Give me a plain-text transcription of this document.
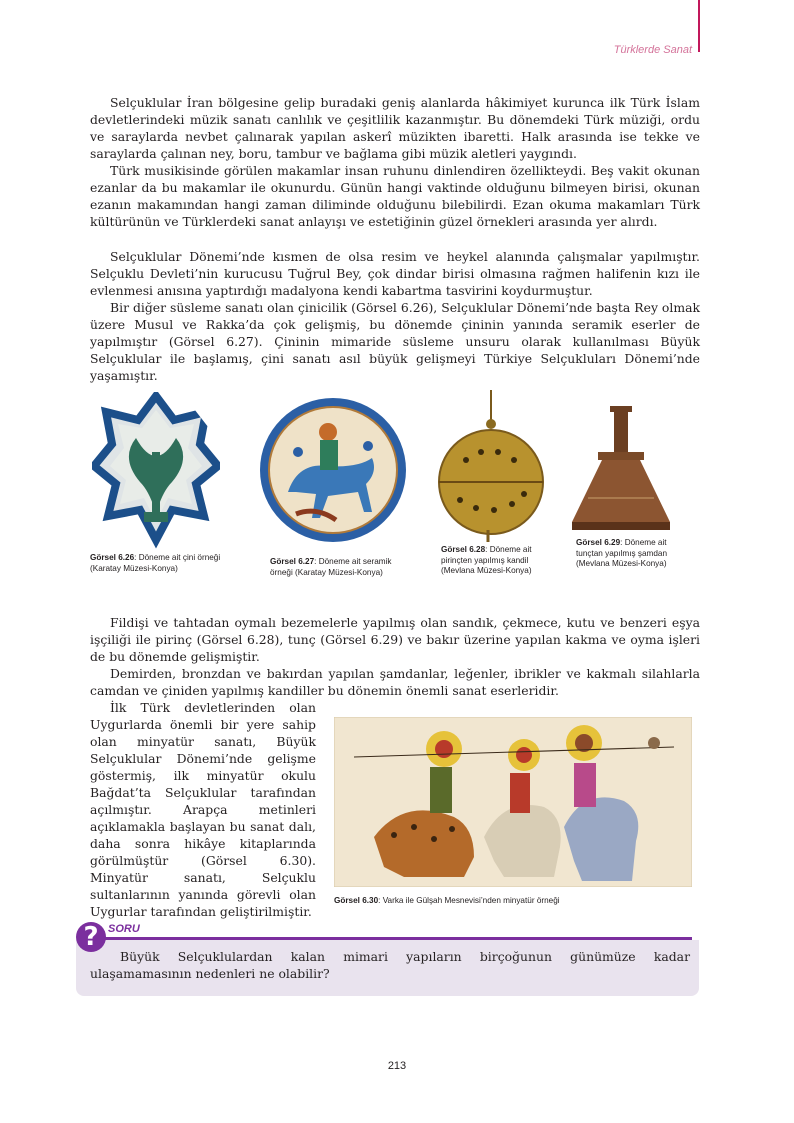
Türklerde Sanat

Selçuklular İran bölgesine gelip buradaki geniş alanlarda hâkimiyet kurunca ilk Türk İslam devletlerindeki müzik sanatı canlılık ve çeşitlilik kazanmıştır. Bu dönemdeki Türk müziği, ordu ve saraylarda nevbet çalınarak yapılan askerî müzikten ibaretti. Halk arasında ise tekke ve saraylarda çalınan ney, boru, tambur ve bağlama gibi müzik aletleri yaygındı.

Türk musikisinde görülen makamlar insan ruhunu dinlendiren özellikteydi. Beş vakit okunan ezanlar da bu makamlar ile okunurdu. Günün hangi vaktinde olduğunu bilmeyen birisi, okunan ezanın makamından hangi zaman diliminde olduğunu bilebilirdi. Ezan okuma makamları Türk kültürünün ve Türklerdeki sanat anlayışı ve estetiğinin güzel örnekleri arasında yer alırdı.

Selçuklular Dönemi’nde kısmen de olsa resim ve heykel alanında çalışmalar yapılmıştır. Selçuklu Devleti’nin kurucusu Tuğrul Bey, çok dindar birisi olmasına rağmen halifenin kızı ile evlenmesi anısına yaptırdığı madalyona kendi kabartma tasvirini koydurmuştur.

Bir diğer süsleme sanatı olan çinicilik (Görsel 6.26), Selçuklular Dönemi’nde başta Rey olmak üzere Musul ve Rakka’da çok gelişmiş, bu dönemde çininin yanında seramik eserler de yapılmıştır (Görsel 6.27). Çininin mimaride süsleme unsuru olarak kullanılması Büyük Selçuklular ile başlamış, çini sanatı asıl büyük gelişmeyi Türkiye Selçukluları Dönemi’nde yaşamıştır.

Görsel 6.26: Döneme ait çini örneği (Karatay Müzesi-Konya)
Görsel 6.27: Döneme ait seramik örneği (Karatay Müzesi-Konya)
Görsel 6.28: Döneme ait pirinçten yapılmış kandil (Mevlana Müzesi-Konya)
Görsel 6.29: Döneme ait tunçtan yapılmış şamdan (Mevlana Müzesi-Konya)

Fildişi ve tahtadan oymalı bezemelerle yapılmış olan sandık, çekmece, kutu ve benzeri eşya işçiliği ile pirinç (Görsel 6.28), tunç (Görsel 6.29) ve bakır üzerine yapılan kakma ve oyma işleri de bu dönemde gelişmiştir.

Demirden, bronzdan ve bakırdan yapılan şamdanlar, leğenler, ibrikler ve kakmalı silahlarla camdan ve çiniden yapılmış kandiller bu dönemin önemli sanat eserleridir.

İlk Türk devletlerinden olan Uygurlarda önemli bir yere sahip olan minyatür sanatı, Büyük Selçuklular Dönemi’nde gelişme göstermiş, ilk minyatür okulu Bağdat’ta Selçuklular tarafından açılmıştır. Arapça metinleri açıklamakla başlayan bu sanat dalı, daha sonra hikâye kitaplarında görülmüştür (Görsel 6.30). Minyatür sanatı, Selçuklu sultanlarının yanında görevli olan Uygurlar tarafından geliştirilmiştir.

Görsel 6.30: Varka ile Gülşah Mesnevisi’nden minyatür örneği
? SORU

Büyük Selçuklulardan kalan mimari yapıların birçoğunun günümüze kadar ulaşamamasının nedenleri ne olabilir?

213
